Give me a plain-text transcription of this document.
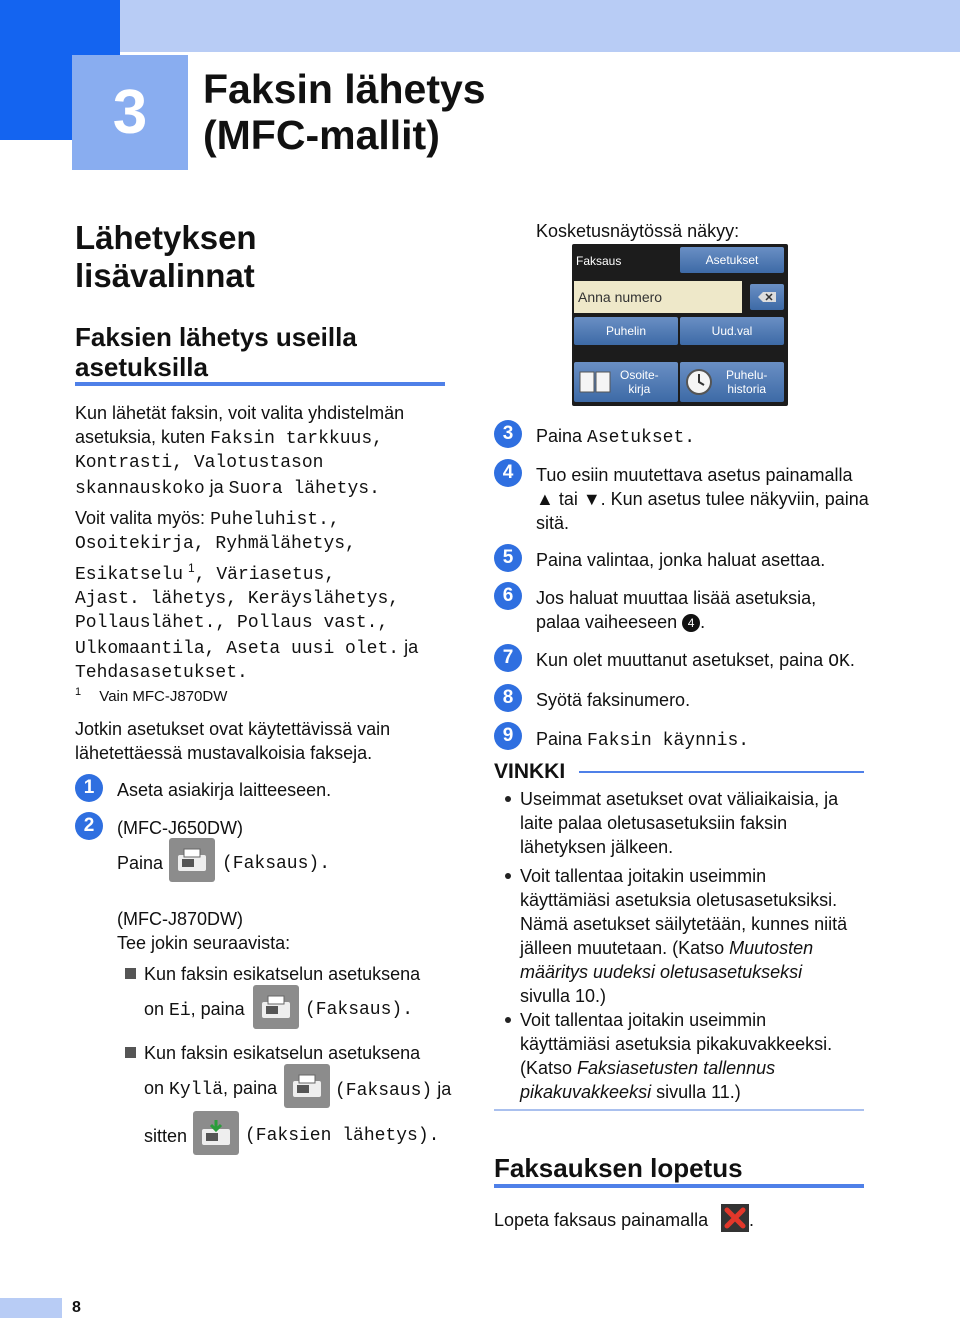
3	Faksin lähetys
(MFC-mallit)
Lähetyksen
lisävalinnat
Faksien lähetys useilla
asetuksilla
Kun lähetät faksin, voit valita yhdistelmän
asetuksia, kuten Faksin tarkkuus,
Kontrasti, Valotustason
skannauskoko ja Suora lähetys.
Voit valita myös: Puheluhist.,
Osoitekirja, Ryhmälähetys,
Esikatselu $^1$, Väriasetus,
Ajast. lähetys, Keräyslähetys,
Pollauslähet., Pollaus vast.,
Ulkomaantila, Aseta uusi olet. ja
Tehdasasetukset.
$^1$ Vain MFC-J870DW
Jotkin asetukset ovat käytettävissä vain
lähetettäessä mustavalkoisia fakseja.
1	Aseta asiakirja laitteeseen.
2	(MFC-J650DW)
Paina	(Faksaus).
(MFC-J870DW)
Tee jokin seuraavista:
Kun faksin esikatselun asetuksena
on Ei, paina	(Faksaus).
Kun faksin esikatselun asetuksena
on Kyllä, paina	(Faksaus) ja
sitten	(Faksien lähetys).
Kosketusnäytössä näkyy:
Faksaus	Asetukset
Anna numero
Puhelin	Uud.val
Osoite-
kirja
Puhelu-
historia
3	Paina Asetukset.
4	Tuo esiin muutettava asetus painamalla
▲ tai ▼. Kun asetus tulee näkyviin, paina
sitä.
5	Paina valintaa, jonka haluat asettaa.
6	Jos haluat muuttaa lisää asetuksia,
palaa vaiheeseen 4 .
7	Kun olet muuttanut asetukset, paina OK.
8	Syötä faksinumero.
9	Paina Faksin käynnis.
VINKKI
Useimmat asetukset ovat väliaikaisia, ja
laite palaa oletusasetuksiin faksin
lähetyksen jälkeen.
Voit tallentaa joitakin useimmin
käyttämiäsi asetuksia oletusasetuksiksi.
Nämä asetukset säilytetään, kunnes niitä
jälleen muutetaan. (Katso Muutosten
määritys uudeksi oletusasetukseksi
sivulla 10.)
Voit tallentaa joitakin useimmin
käyttämiäsi asetuksia pikakuvakkeeksi.
(Katso Faksiasetusten tallennus
pikakuvakkeeksi sivulla 11.)
Faksauksen lopetus
Lopeta faksaus painamalla .
8
